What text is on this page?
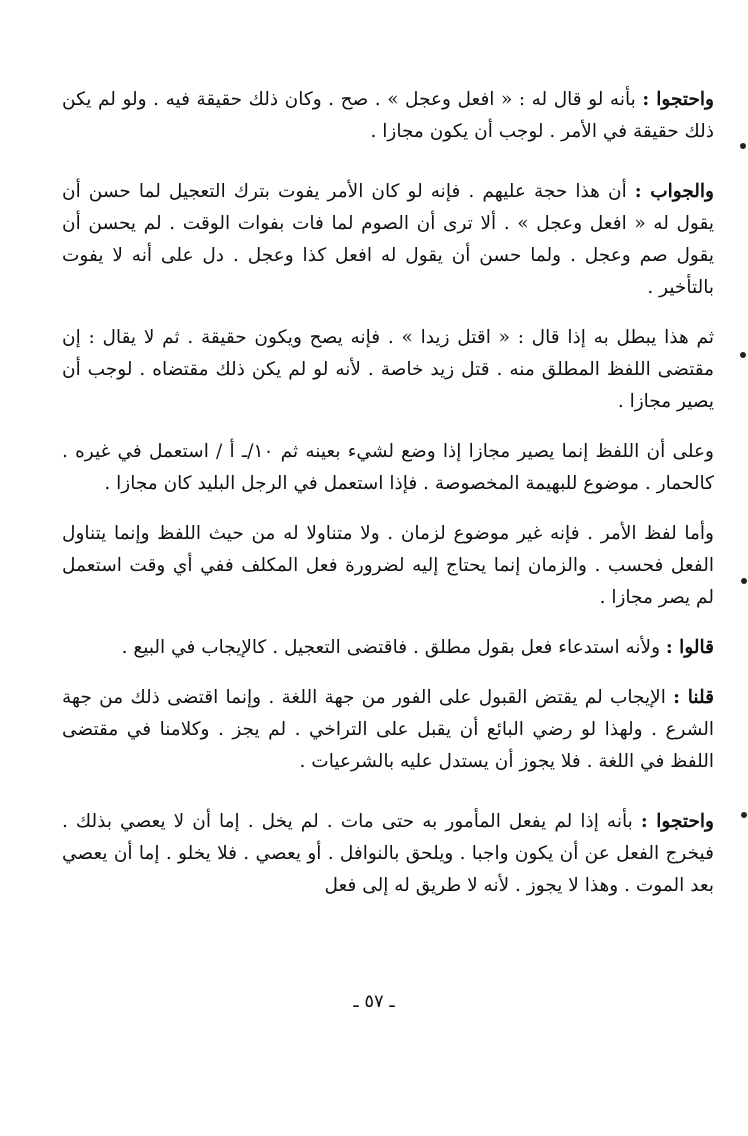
واحتجوا : بأنه لو قال له : « افعل وعجل » . صح . وكان ذلك حقيقة فيه . ولو لم يكن ذلك حقيقة في الأمر . لوجب أن يكون مجازا .

والجواب : أن هذا حجة عليهم . فإنه لو كان الأمر يفوت بترك التعجيل لما حسن أن يقول له « افعل وعجل » . ألا ترى أن الصوم لما فات بفوات الوقت . لم يحسن أن يقول صم وعجل . ولما حسن أن يقول له افعل كذا وعجل . دل على أنه لا يفوت بالتأخير .

ثم هذا يبطل به إذا قال : « اقتل زيدا » . فإنه يصح ويكون حقيقة . ثم لا يقال : إن مقتضى اللفظ المطلق منه . قتل زيد خاصة . لأنه لو لم يكن ذلك مقتضاه . لوجب أن يصير مجازا .

وعلى أن اللفظ إنما يصير مجازا إذا وضع لشيء بعينه ثم ١٠/ـ أ / استعمل في غيره . كالحمار . موضوع للبهيمة المخصوصة . فإذا استعمل في الرجل البليد كان مجازا .

وأما لفظ الأمر . فإنه غير موضوع لزمان . ولا متناولا له من حيث اللفظ وإنما يتناول الفعل فحسب . والزمان إنما يحتاج إليه لضرورة فعل المكلف ففي أي وقت استعمل لم يصر مجازا .

قالوا : ولأنه استدعاء فعل بقول مطلق . فاقتضى التعجيل . كالإيجاب في البيع .

قلنا : الإيجاب لم يقتض القبول على الفور من جهة اللغة . وإنما اقتضى ذلك من جهة الشرع . ولهذا لو رضي البائع أن يقبل على التراخي . لم يجز . وكلامنا في مقتضى اللفظ في اللغة . فلا يجوز أن يستدل عليه بالشرعيات .

واحتجوا : بأنه إذا لم يفعل المأمور به حتى مات . لم يخل . إما أن لا يعصي بذلك . فيخرج الفعل عن أن يكون واجبا . ويلحق بالنوافل . أو يعصي . فلا يخلو . إما أن يعصي بعد الموت . وهذا لا يجوز . لأنه لا طريق له إلى فعل

ـ ٥٧ ـ
